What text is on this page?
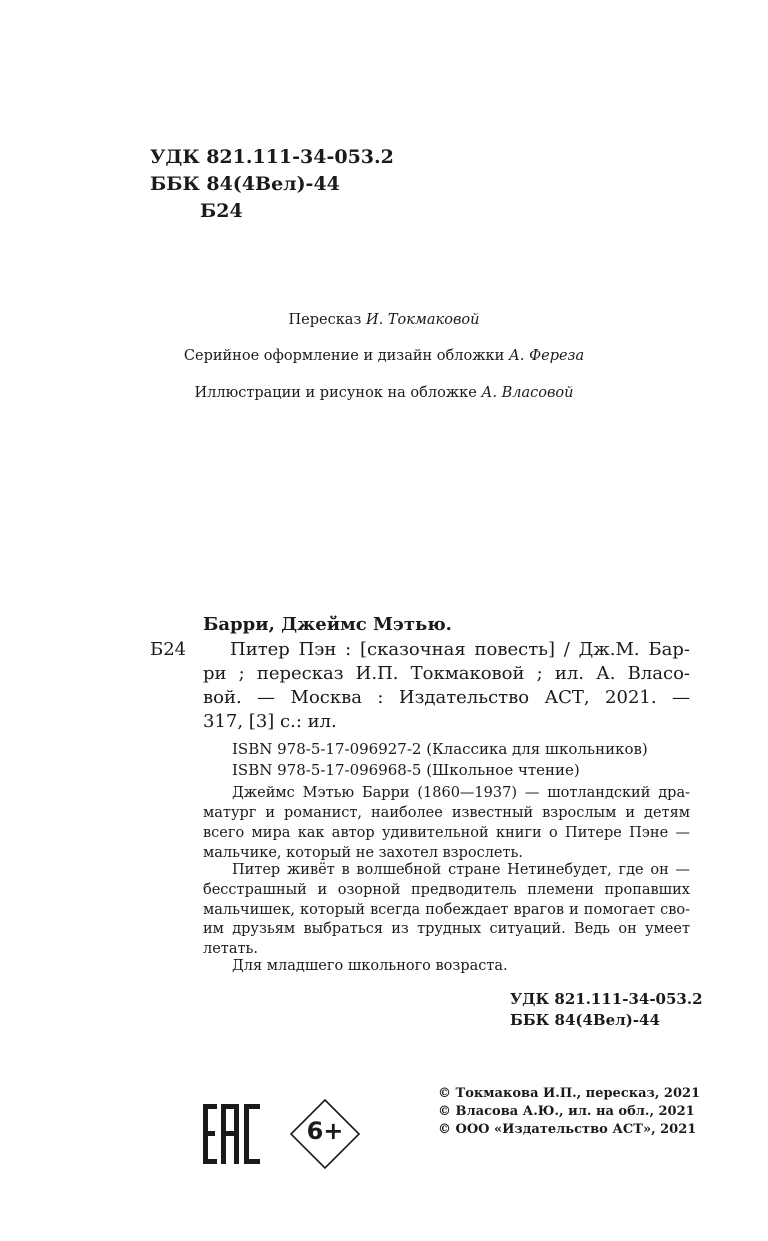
УДК 821.111-34-053.2
ББК 84(4Вел)-44
Б24
Пересказ И. Токмаковой
Серийное оформление и дизайн обложки А. Фереза
Иллюстрации и рисунок на обложке А. Власовой
Барри, Джеймс Мэтью.
Б24 Питер Пэн : [сказочная повесть] / Дж.М. Бар-
ри ; пересказ И.П. Токмаковой ; ил. А. Власо-
вой. — Москва : Издательство АСТ, 2021. —
317, [3] с.: ил.
ISBN 978-5-17-096927-2 (Классика для школьников)
ISBN 978-5-17-096968-5 (Школьное чтение)
Джеймс Мэтью Барри (1860—1937) — шотландский дра-
матург и романист, наиболее известный взрослым и детям
всего мира как автор удивительной книги о Питере Пэне —
мальчике, который не захотел взрослеть.
Питер живёт в волшебной стране Нетинебудет, где он —
бесстрашный и озорной предводитель племени пропавших
мальчишек, который всегда побеждает врагов и помогает сво-
им друзьям выбраться из трудных ситуаций. Ведь он умеет
летать.
Для младшего школьного возраста.
УДК 821.111-34-053.2
ББК 84(4Вел)-44
6+
© Токмакова И.П., пересказ, 2021
© Власова А.Ю., ил. на обл., 2021
© ООО «Издательство АСТ», 2021
